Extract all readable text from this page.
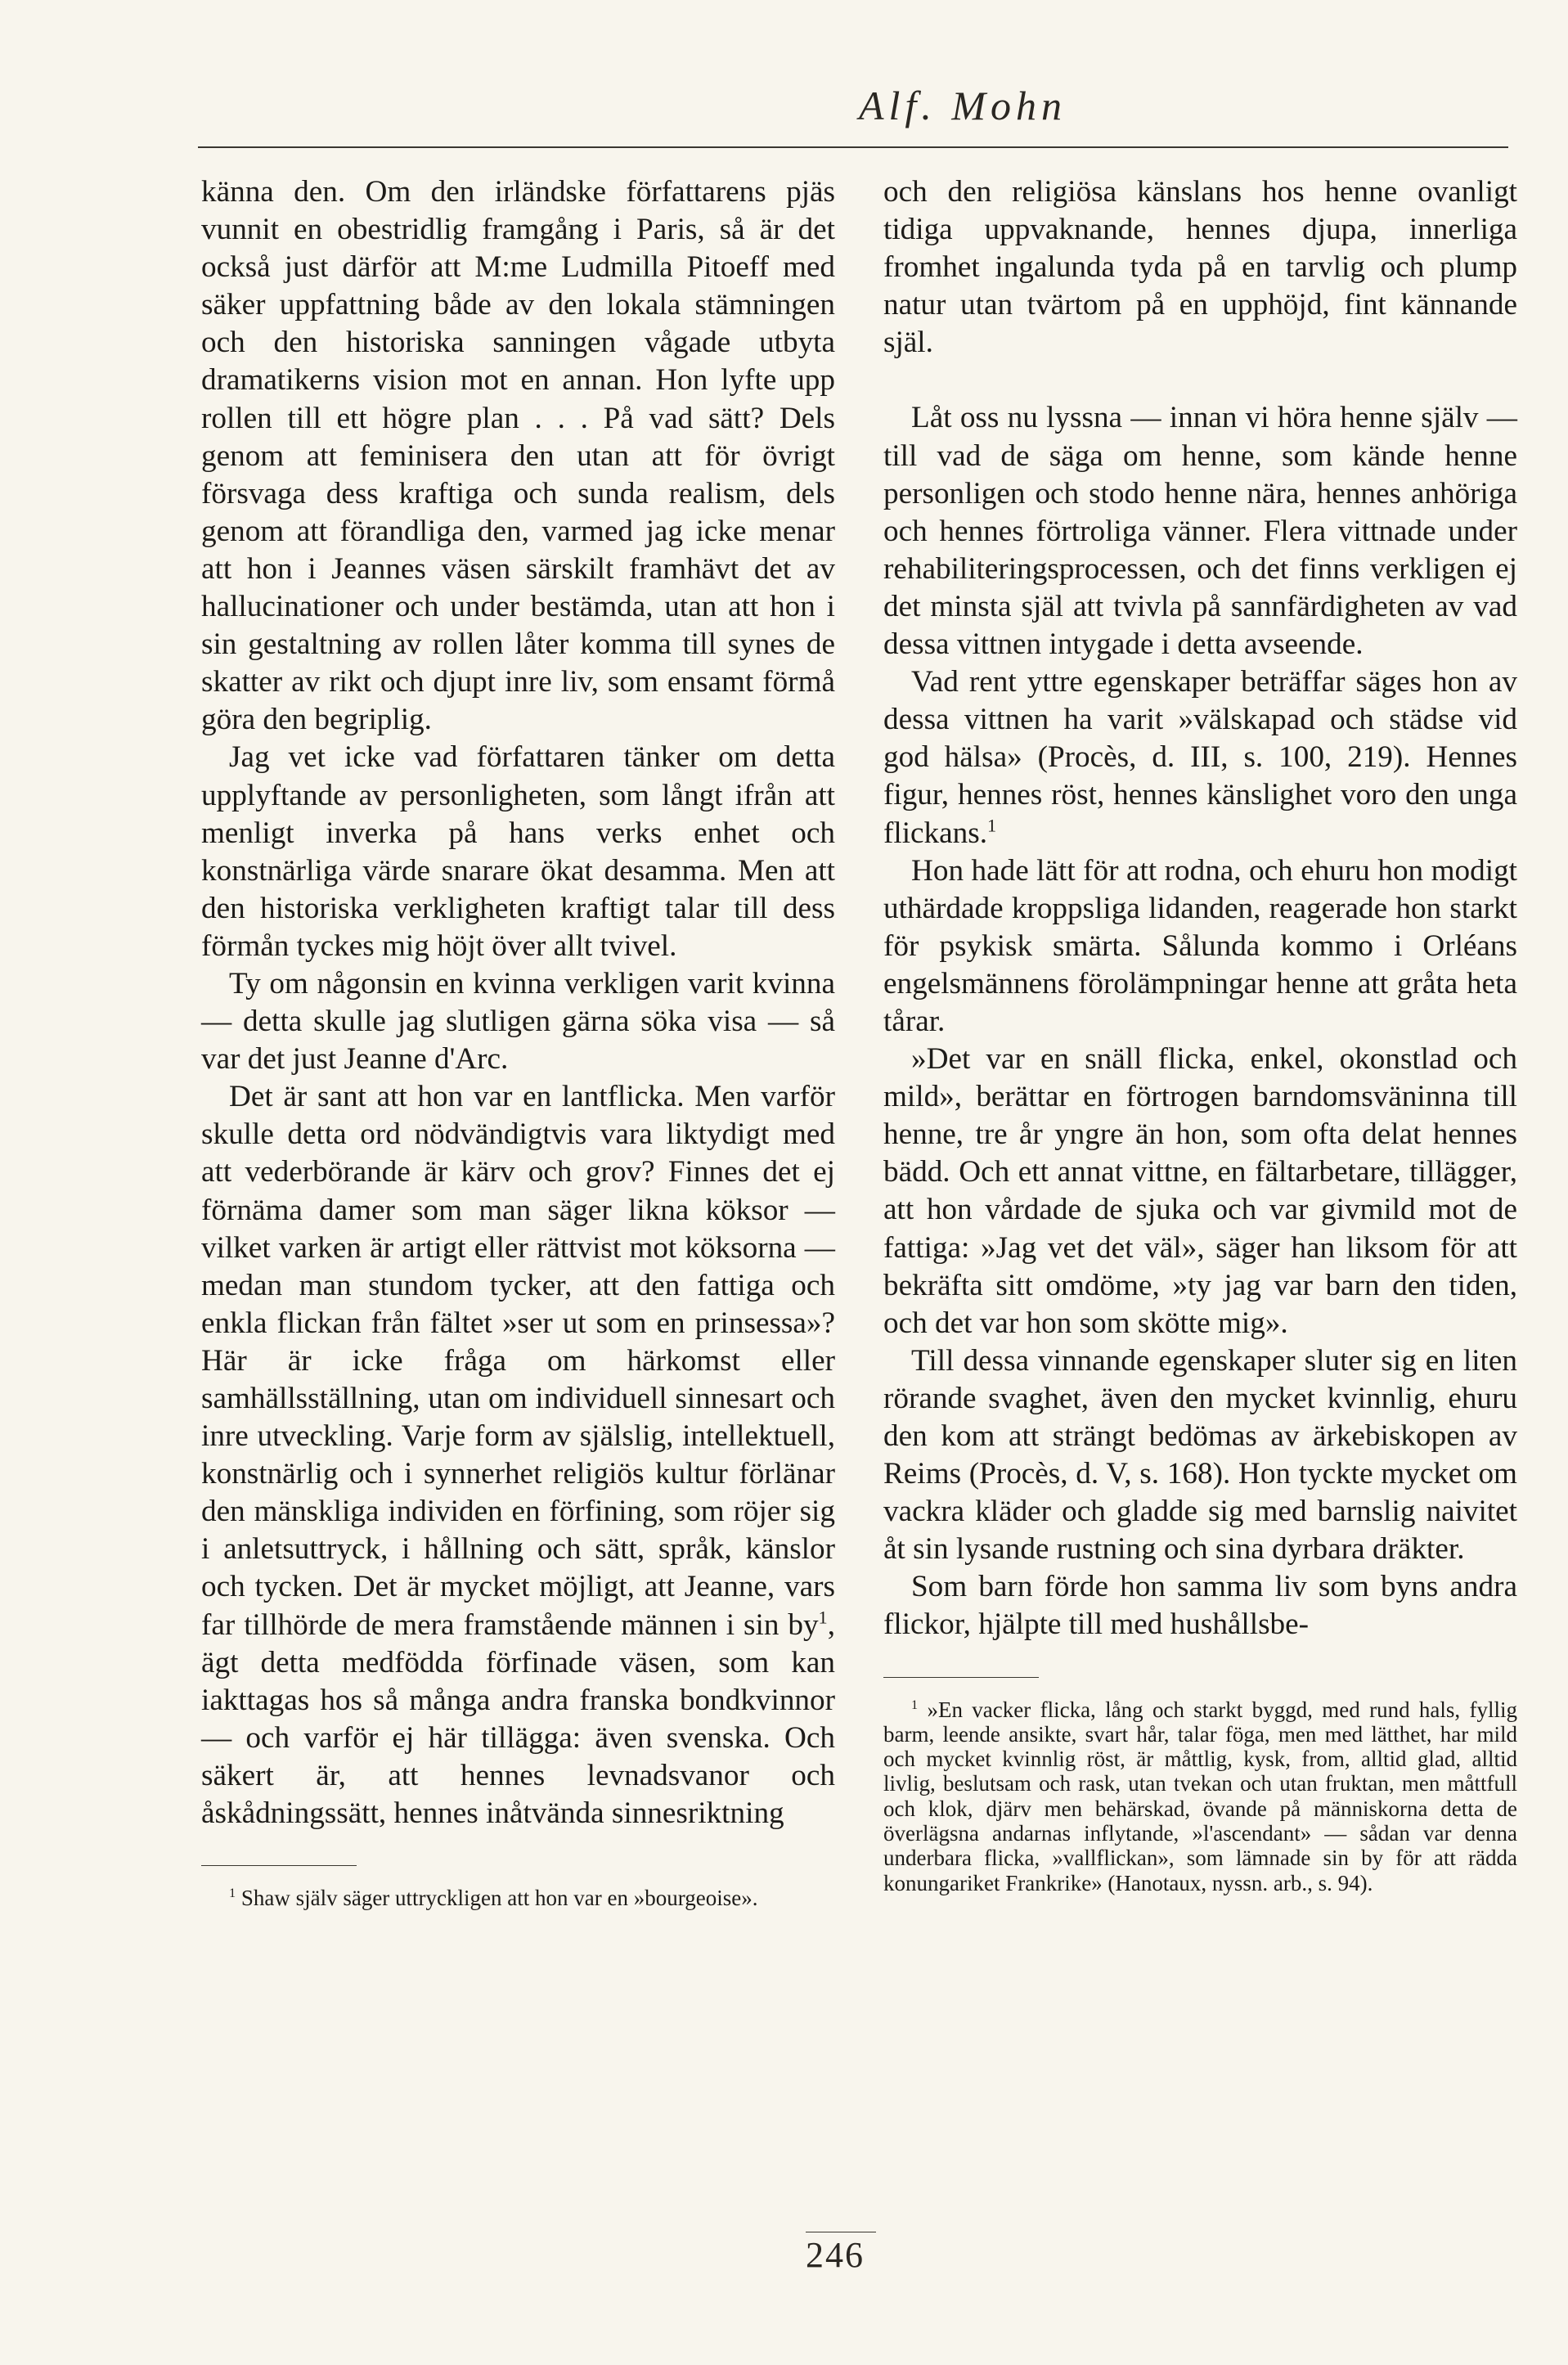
Alf. Mohn

känna den. Om den irländske författarens pjäs vunnit en obestridlig framgång i Paris, så är det också just därför att M:me Ludmilla Pitoeff med säker uppfattning både av den lokala stämningen och den historiska sanningen vågade utbyta dramatikerns vision mot en annan. Hon lyfte upp rollen till ett högre plan . . . På vad sätt? Dels genom att feminisera den utan att för övrigt försvaga dess kraftiga och sunda realism, dels genom att förandliga den, varmed jag icke menar att hon i Jeannes väsen särskilt framhävt det av hallucinationer och under bestämda, utan att hon i sin gestaltning av rollen låter komma till synes de skatter av rikt och djupt inre liv, som ensamt förmå göra den begriplig.

Jag vet icke vad författaren tänker om detta upplyftande av personligheten, som långt ifrån att menligt inverka på hans verks enhet och konstnärliga värde snarare ökat desamma. Men att den historiska verkligheten kraftigt talar till dess förmån tyckes mig höjt över allt tvivel.

Ty om någonsin en kvinna verkligen varit kvinna — detta skulle jag slutligen gärna söka visa — så var det just Jeanne d'Arc.

Det är sant att hon var en lantflicka. Men varför skulle detta ord nödvändigtvis vara liktydigt med att vederbörande är kärv och grov? Finnes det ej förnäma damer som man säger likna köksor — vilket varken är artigt eller rättvist mot köksorna — medan man stundom tycker, att den fattiga och enkla flickan från fältet »ser ut som en prinsessa»? Här är icke fråga om härkomst eller samhällsställning, utan om individuell sinnesart och inre utveckling. Varje form av själslig, intellektuell, konstnärlig och i synnerhet religiös kultur förlänar den mänskliga individen en förfining, som röjer sig i anletsuttryck, i hållning och sätt, språk, känslor och tycken. Det är mycket möjligt, att Jeanne, vars far tillhörde de mera framstående männen i $\sin by^1$, ägt detta medfödda förfinade väsen, som kan iakttagas hos så många andra franska bondkvinnor — och varför ej här tillägga: även svenska. Och säkert är, att hennes levnadsvanor och åskådningssätt, hennes inåtvända sinnesriktning

$^1$ Shaw själv säger uttryckligen att hon var en »bourgeoise».

och den religiösa känslans hos henne ovanligt tidiga uppvaknande, hennes djupa, innerliga fromhet ingalunda tyda på en tarvlig och plump natur utan tvärtom på en upphöjd, fint kännande själ.

Låt oss nu lyssna — innan vi höra henne själv — till vad de säga om henne, som kände henne personligen och stodo henne nära, hennes anhöriga och hennes förtroliga vänner. Flera vittnade under rehabiliteringsprocessen, och det finns verkligen ej det minsta själ att tvivla på sannfärdigheten av vad dessa vittnen intygade i detta avseende.

Vad rent yttre egenskaper beträffar säges hon av dessa vittnen ha varit »välskapad och städse vid god hälsa» (Procès, d. III, s. 100, 219). Hennes figur, hennes röst, hennes känslighet voro den unga flickans.$^1$

Hon hade lätt för att rodna, och ehuru hon modigt uthärdade kroppsliga lidanden, reagerade hon starkt för psykisk smärta. Sålunda kommo i Orléans engelsmännens förolämpningar henne att gråta heta tårar.

»Det var en snäll flicka, enkel, okonstlad och mild», berättar en förtrogen barndomsväninna till henne, tre år yngre än hon, som ofta delat hennes bädd. Och ett annat vittne, en fältarbetare, tillägger, att hon vårdade de sjuka och var givmild mot de fattiga: »Jag vet det väl», säger han liksom för att bekräfta sitt omdöme, »ty jag var barn den tiden, och det var hon som skötte mig».

Till dessa vinnande egenskaper sluter sig en liten rörande svaghet, även den mycket kvinnlig, ehuru den kom att strängt bedömas av ärkebiskopen av Reims (Procès, d. V, s. 168). Hon tyckte mycket om vackra kläder och gladde sig med barnslig naivitet åt sin lysande rustning och sina dyrbara dräkter.

Som barn förde hon samma liv som byns andra flickor, hjälpte till med hushållsbe-

$^1$ »En vacker flicka, lång och starkt byggd, med rund hals, fyllig barm, leende ansikte, svart hår, talar föga, men med lätthet, har mild och mycket kvinnlig röst, är måttlig, kysk, from, alltid glad, alltid livlig, beslutsam och rask, utan tvekan och utan fruktan, men måttfull och klok, djärv men behärskad, övande på människorna detta de överlägsna andarnas inflytande, »l'ascendant» — sådan var denna underbara flicka, »vallflickan», som lämnade sin by för att rädda konungariket Frankrike» (Hanotaux, nyssn. arb., s. 94).
246
